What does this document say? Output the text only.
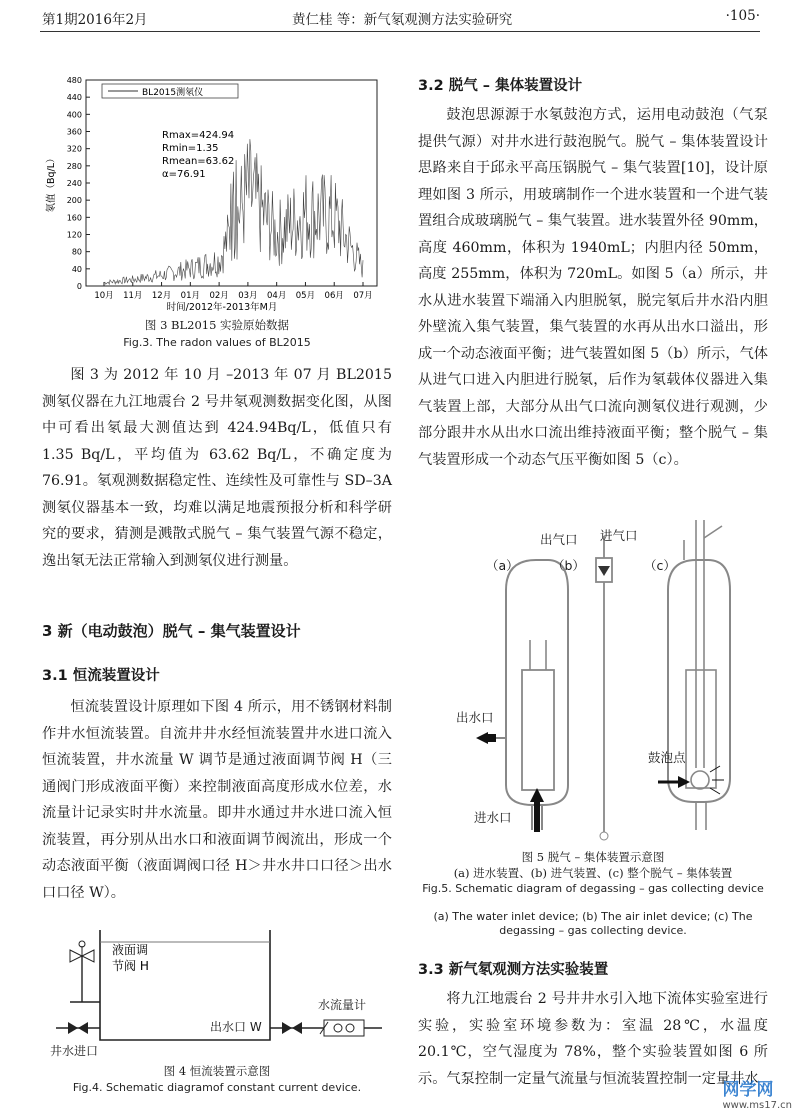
第1期2016年2月	黄仁桂 等：新气氡观测方法实验研究	·105·
0
40
80
120
160
200
240
280
320
360
400
440
480
10月 11月 12月 01月 02月 03月 04月 05月 06月 07月
时间/2012年-2013年M月
氡值（Bq/L）
BL2015测氡仪
Rmax=424.94
Rmin=1.35
Rmean=63.62
α=76.91
图 3 BL2015 实验原始数据
Fig.3. The radon values of BL2015

图 3 为 2012 年 10 月 –2013 年 07 月 BL2015 测氡仪器在九江地震台 2 号井氡观测数据变化图，从图中可看出氡最大测值达到 424.94Bq/L，低值只有 1.35 Bq/L，平均值为 63.62 Bq/L，不确定度为 76.91。氡观测数据稳定性、连续性及可靠性与 SD–3A 测氡仪器基本一致，均难以满足地震预报分析和科学研究的要求，猜测是溅散式脱气 – 集气装置气源不稳定，逸出氡无法正常输入到测氡仪进行测量。

3 新（电动鼓泡）脱气 – 集气装置设计
3.1 恒流装置设计

恒流装置设计原理如下图 4 所示，用不锈钢材料制作井水恒流装置。自流井井水经恒流装置井水进口流入恒流装置，井水流量 W 调节是通过液面调节阀 H（三通阀门形成液面平衡）来控制液面高度形成水位差，水流量计记录实时井水流量。即井水通过井水进口流入恒流装置，再分别从出水口和液面调节阀流出，形成一个动态液面平衡（液面调阀口径 H＞井水井口口径＞出水口口径 W）。

液面调
节阀 H
水流量计
出水口 W
井水进口
图 4 恒流装置示意图
Fig.4. Schematic diagramof constant current device.
3.2 脱气 – 集体装置设计

鼓泡思源源于水氡鼓泡方式，运用电动鼓泡（气泵提供气源）对井水进行鼓泡脱气。脱气 – 集体装置设计思路来自于邱永平高压锅脱气 – 集气装置[10]，设计原理如图 3 所示，用玻璃制作一个进水装置和一个进气装置组合成玻璃脱气 – 集气装置。进水装置外径 90mm，高度 460mm，体积为 1940mL；内胆内径 50mm，高度 255mm，体积为 720mL。如图 5（a）所示，井水从进水装置下端涌入内胆脱氡，脱完氡后井水沿内胆外壁流入集气装置，集气装置的水再从出水口溢出，形成一个动态液面平衡；进气装置如图 5（b）所示，气体从进气口进入内胆进行脱氡，后作为氡载体仪器进入集气装置上部，大部分从出气口流向测氡仪进行观测，少部分跟井水从出水口流出维持液面平衡；整个脱气 – 集气装置形成一个动态气压平衡如图 5（c）。

（a）	（b）	（c）
出气口 进气口
出水口
进水口
鼓泡点
图 5 脱气 – 集体装置示意图
(a) 进水装置、(b) 进气装置、(c) 整个脱气 – 集体装置
Fig.5. Schematic diagram of degassing – gas collecting device
(a) The water inlet device; (b) The air inlet device; (c) The degassing – gas collecting device.
3.3 新气氡观测方法实验装置

将九江地震台 2 号井井水引入地下流体实验室进行实验，实验室环境参数为：室温 28℃，水温度 20.1℃，空气湿度为 78%，整个实验装置如图 6 所示。气泵控制一定量气流量与恒流装置控制一定量井水

网学网
www.ms17.cn
